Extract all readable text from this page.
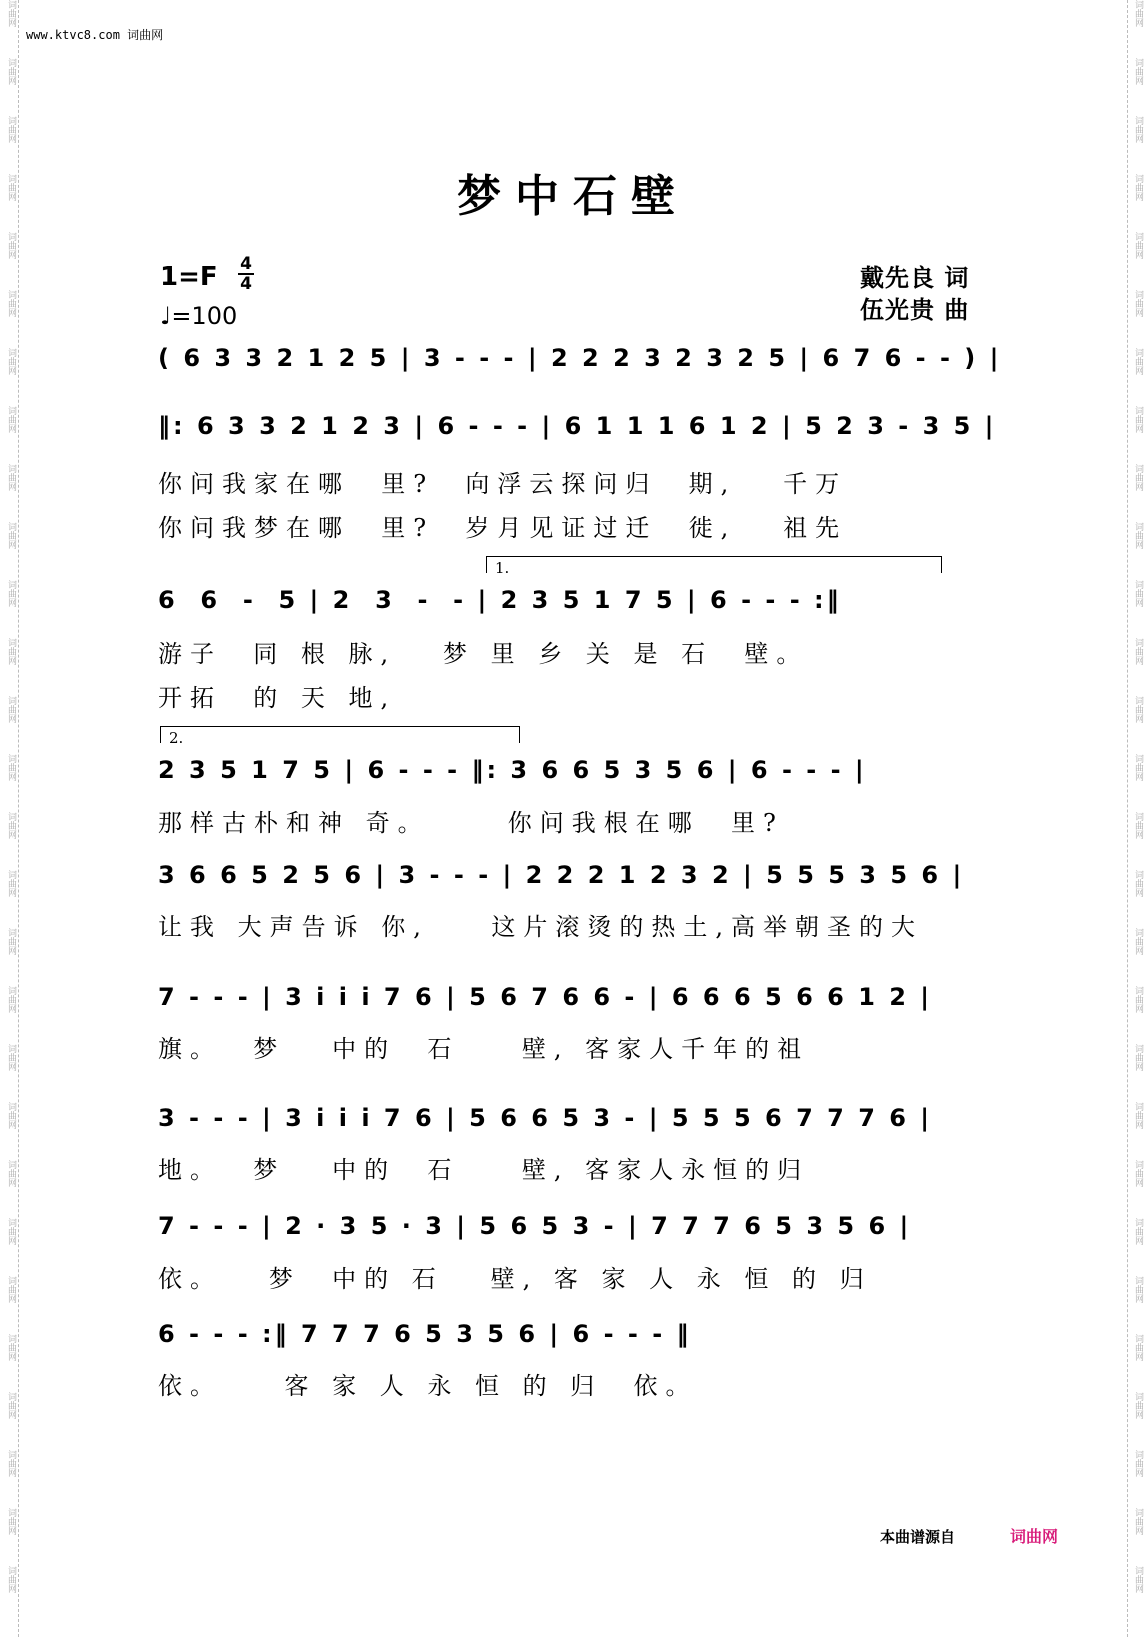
词曲网
词曲网
词曲网
词曲网
词曲网
词曲网
词曲网
词曲网
词曲网
词曲网
词曲网
词曲网
词曲网
词曲网
词曲网
词曲网
词曲网
词曲网
词曲网
词曲网
词曲网
词曲网
词曲网
词曲网
词曲网
词曲网
词曲网
词曲网
词曲网
词曲网
词曲网
词曲网
词曲网
词曲网
词曲网
词曲网
词曲网
词曲网
词曲网
词曲网
词曲网
词曲网
词曲网
词曲网
词曲网
词曲网
词曲网
词曲网
词曲网
词曲网
词曲网
词曲网
词曲网
词曲网
词曲网
词曲网
www.ktvc8.com 词曲网
梦中石壁
1=F 4
4
♩=100
戴先良 词
伍光贵 曲
( 6 3 3 2 1 2 5 | 3 - - - | 2 2 2 3 2 3 2 5 | 6 7 6 - - ) |
‖: 6 3 3 2 1 2 3 | 6 - - - | 6 1 1 1 6 1 2 | 5 2 3 - 3 5 |
你问我家在哪  里?  向浮云探问归  期,   千万
你问我梦在哪  里?  岁月见证过迁  徙,   祖先
1.
6  6  -  5 | 2  3  -  - | 2 3 5 1 7 5 | 6 - - - :‖
游子  同 根 脉,   梦 里 乡 关 是 石  壁。
开拓  的 天 地,
2.
2 3 5 1 7 5 | 6 - - - ‖: 3 6 6 5 3 5 6 | 6 - - - |
那样古朴和神 奇。     你问我根在哪  里?
3 6 6 5 2 5 6 | 3 - - - | 2 2 2 1 2 3 2 | 5 5 5 3 5 6 |
让我 大声告诉 你,    这片滚烫的热土,高举朝圣的大
7 - - - | 3 i i i 7 6 | 5 6 7 6 6 - | 6 6 6 5 6 6 1 2 |
旗。  梦   中的  石    壁, 客家人千年的祖
3 - - - | 3 i i i 7 6 | 5 6 6 5 3 - | 5 5 5 6 7 7 7 6 |
地。  梦   中的  石    壁, 客家人永恒的归
7 - - - | 2 · 3 5 · 3 | 5 6 5 3 - | 7 7 7 6 5 3 5 6 |
依。   梦  中的 石   壁, 客 家 人 永 恒 的 归
6 - - - :‖ 7 7 7 6 5 3 5 6 | 6 - - - ‖
依。    客 家 人 永 恒 的 归  依。
本曲谱源自	词曲网
